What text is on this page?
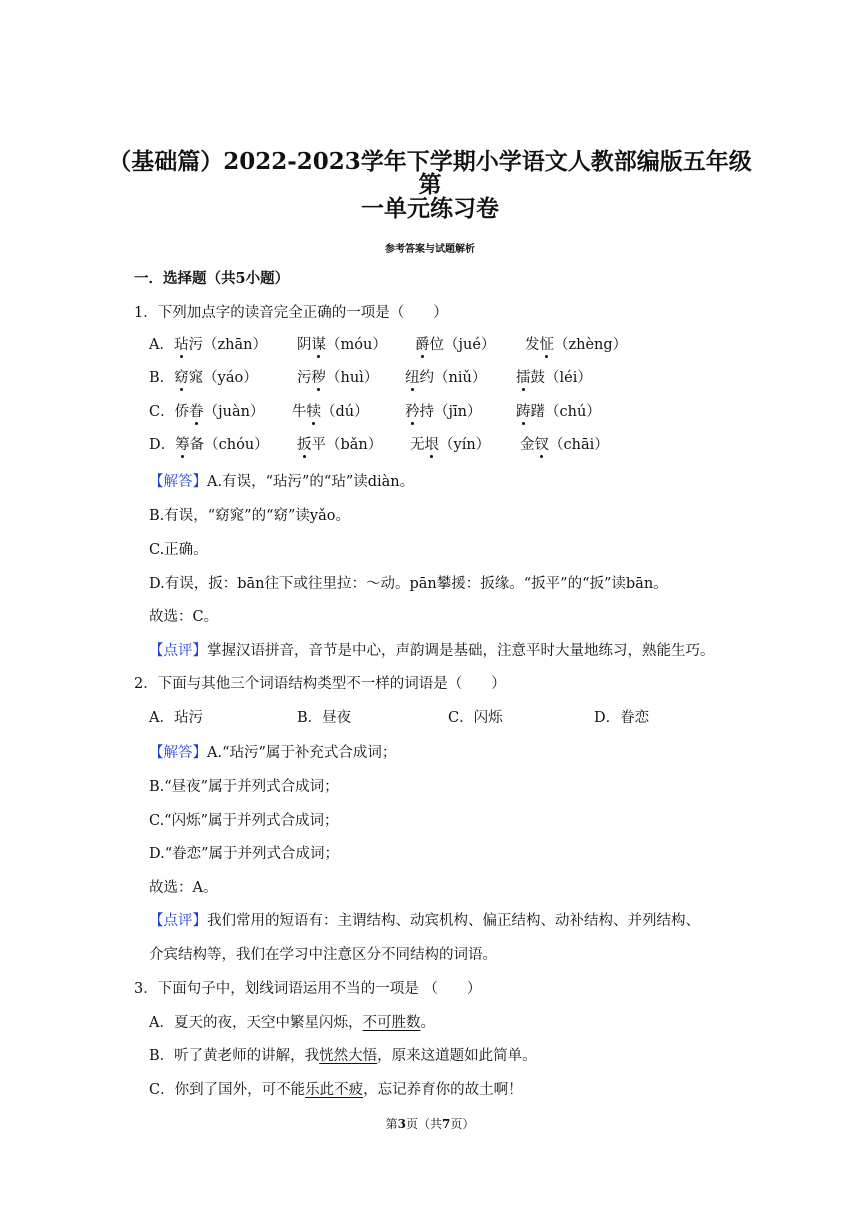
（基础篇）2022-2023学年下学期小学语文人教部编版五年级第
一单元练习卷
参考答案与试题解析
一．选择题（共5小题）
1．下列加点字的读音完全正确的一项是（　　）
A．玷污（zhān） 阴谋（móu） 爵位（jué） 发怔（zhèng）
B．窈窕（yáo）	污秽（huì） 纽约（niǔ） 擂鼓（léi）
C．侨眷（juàn） 牛犊（dú）	矜持（jīn） 踌躇（chú）
D．筹备（chóu） 扳平（bǎn） 无垠（yín） 金钗（chāi）
【解答】A.有误，“玷污”的“玷”读diàn。
B.有误，“窈窕”的“窈”读yǎo。
C.正确。
D.有误，扳：bān往下或往里拉：～动。pān攀援：扳缘。“扳平”的“扳”读bān。
故选：C。
【点评】掌握汉语拼音，音节是中心，声韵调是基础，注意平时大量地练习，熟能生巧。
2．下面与其他三个词语结构类型不一样的词语是（　　）
A．玷污	B．昼夜	C．闪烁	D．眷恋
【解答】A.“玷污”属于补充式合成词；
B.“昼夜”属于并列式合成词；
C.“闪烁”属于并列式合成词；
D.“眷恋”属于并列式合成词；
故选：A。
【点评】我们常用的短语有：主谓结构、动宾机构、偏正结构、动补结构、并列结构、
介宾结构等，我们在学习中注意区分不同结构的词语。
3．下面句子中，划线词语运用不当的一项是 （　　）
A．夏天的夜，天空中繁星闪烁，不可胜数。
B．听了黄老师的讲解，我恍然大悟，原来这道题如此简单。
C．你到了国外，可不能乐此不疲，忘记养育你的故土啊！
第3页（共7页）
